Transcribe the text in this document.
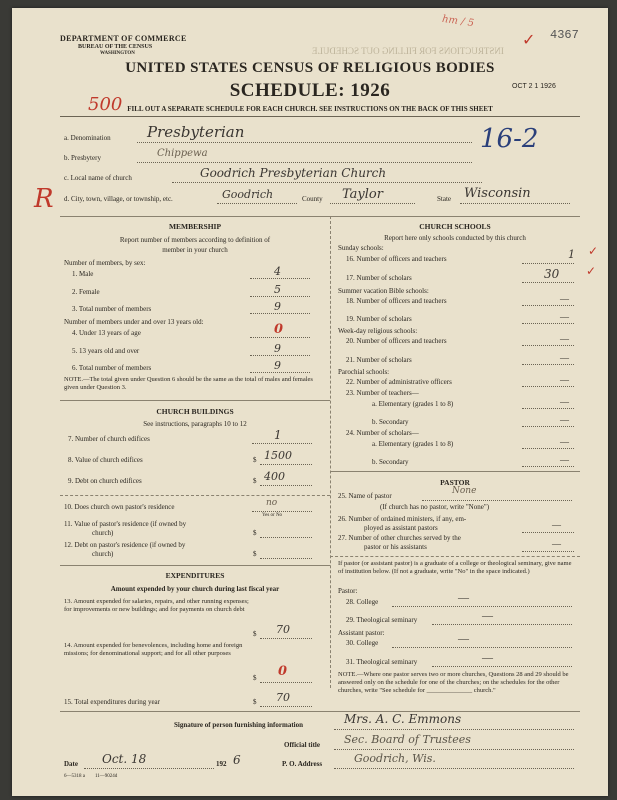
INSTRUCTIONS FOR FILLING OUT SCHEDULE
hm / 5
4367
✓
DEPARTMENT OF COMMERCE
BUREAU OF THE CENSUS
WASHINGTON
UNITED STATES CENSUS OF RELIGIOUS BODIES
SCHEDULE: 1926	OCT 2 1 1926
500 FILL OUT A SEPARATE SCHEDULE FOR EACH CHURCH. SEE INSTRUCTIONS ON THE BACK OF THIS SHEET
a. Denomination Presbyterian	16-2
b. Presbytery	Chippewa
c. Local name of church	Goodrich Presbyterian Church
R d. City, town, village, or township, etc.	Goodrich	County Taylor	State Wisconsin
MEMBERSHIP
Report number of members according to definition of
member in your church
Number of members, by sex:
1. Male	4
2. Female	5
3. Total number of members	9
Number of members under and over 13 years old:
4. Under 13 years of age	0
5. 13 years old and over	9
6. Total number of members	9
NOTE.—The total given under Question 6 should be the same as the total of males and females given under Question 3.
CHURCH BUILDINGS
See instructions, paragraphs 10 to 12
7. Number of church edifices	1
8. Value of church edifices	$ 1500
9. Debt on church edifices	$ 400
10. Does church own pastor's residence	no
Yes or No
11. Value of pastor's residence (if owned by
church)	$
12. Debt on pastor's residence (if owned by
church)	$
EXPENDITURES
Amount expended by your church during last fiscal year
13. Amount expended for salaries, repairs, and other running expenses; for improvements or new buildings; and for payments on church debt
$ 70
14. Amount expended for benevolences, including home and foreign missions; for denominational support; and for all other purposes
$ 0
15. Total expenditures during year	$ 70
CHURCH SCHOOLS
Report here only schools conducted by this church
Sunday schools:
16. Number of officers and teachers	1 ✓
17. Number of scholars	30 ✓
Summer vacation Bible schools:
18. Number of officers and teachers	—
19. Number of scholars	—
Week-day religious schools:
20. Number of officers and teachers	—
21. Number of scholars	—
Parochial schools:
22. Number of administrative officers	—
23. Number of teachers—
a. Elementary (grades 1 to 8)	—
b. Secondary	—
24. Number of scholars—
a. Elementary (grades 1 to 8)	—
b. Secondary	—
PASTOR
25. Name of pastor	None
(If church has no pastor, write "None")
26. Number of ordained ministers, if any, em-
ployed as assistant pastors	—
27. Number of other churches served by the
pastor or his assistants	—
If pastor (or assistant pastor) is a graduate of a college or theological seminary, give name of institution below. (If not a graduate, write "No" in the space indicated.)
Pastor:
28. College	—
29. Theological seminary	—
Assistant pastor:
30. College	—
31. Theological seminary	—
NOTE.—Where one pastor serves two or more churches, Questions 28 and 29 should be answered only on the schedule for one of the churches; on the schedules for the other churches, write "See schedule for ______________ church."
Signature of person furnishing information	Mrs. A. C. Emmons
Official title Sec. Board of Trustees
Date Oct. 18	192 6	P. O. Address	Goodrich, Wis.
6—5318 a        11—9024d
